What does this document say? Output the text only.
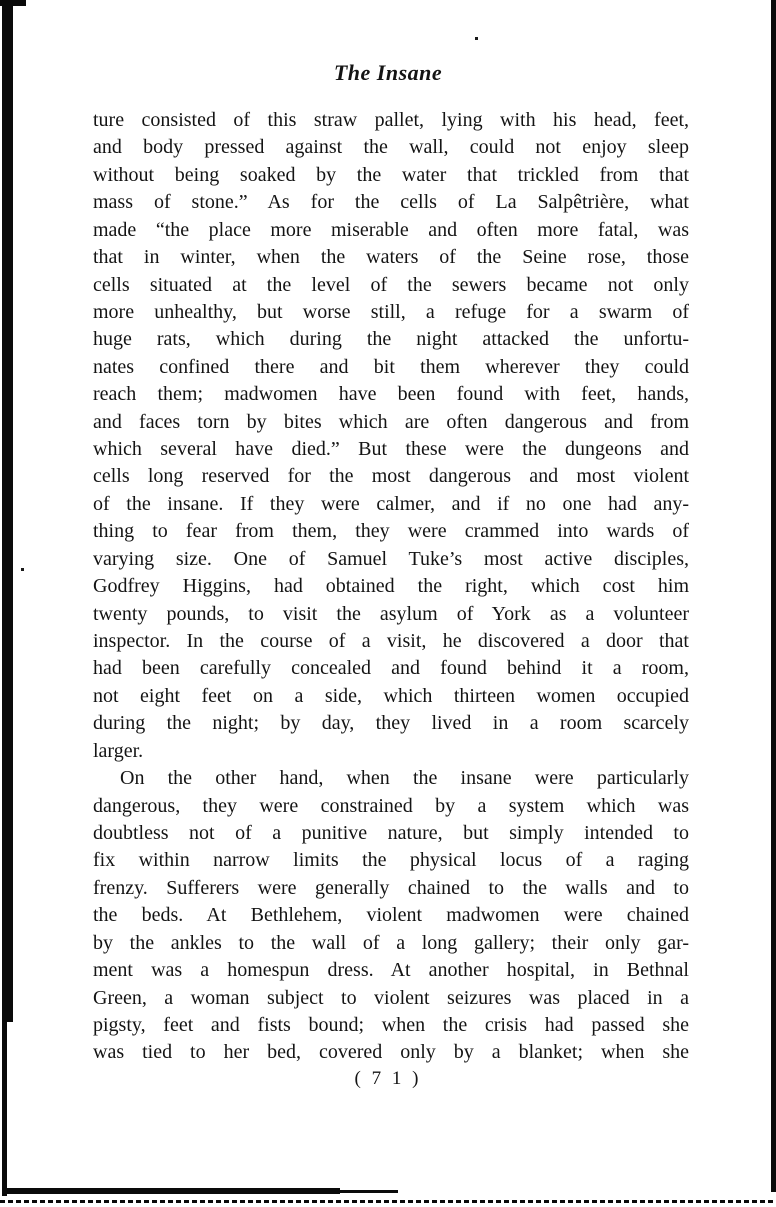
The Insane
ture consisted of this straw pallet, lying with his head, feet,
and body pressed against the wall, could not enjoy sleep
without being soaked by the water that trickled from that
mass of stone.” As for the cells of La Salpêtrière, what
made “the place more miserable and often more fatal, was
that in winter, when the waters of the Seine rose, those
cells situated at the level of the sewers became not only
more unhealthy, but worse still, a refuge for a swarm of
huge rats, which during the night attacked the unfortu-
nates confined there and bit them wherever they could
reach them; madwomen have been found with feet, hands,
and faces torn by bites which are often dangerous and from
which several have died.” But these were the dungeons and
cells long reserved for the most dangerous and most violent
of the insane. If they were calmer, and if no one had any-
thing to fear from them, they were crammed into wards of
varying size. One of Samuel Tuke’s most active disciples,
Godfrey Higgins, had obtained the right, which cost him
twenty pounds, to visit the asylum of York as a volunteer
inspector. In the course of a visit, he discovered a door that
had been carefully concealed and found behind it a room,
not eight feet on a side, which thirteen women occupied
during the night; by day, they lived in a room scarcely
larger.
On the other hand, when the insane were particularly
dangerous, they were constrained by a system which was
doubtless not of a punitive nature, but simply intended to
fix within narrow limits the physical locus of a raging
frenzy. Sufferers were generally chained to the walls and to
the beds. At Bethlehem, violent madwomen were chained
by the ankles to the wall of a long gallery; their only gar-
ment was a homespun dress. At another hospital, in Bethnal
Green, a woman subject to violent seizures was placed in a
pigsty, feet and fists bound; when the crisis had passed she
was tied to her bed, covered only by a blanket; when she
( 7 1 )
